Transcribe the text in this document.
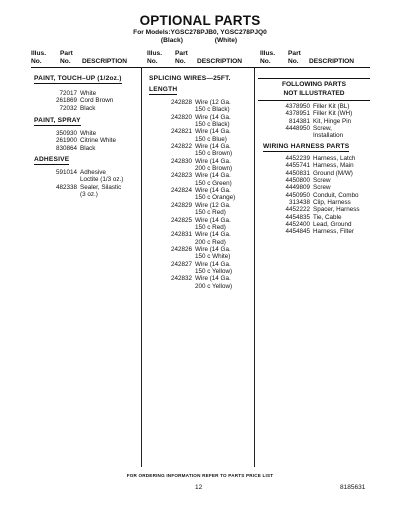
OPTIONAL PARTS
For Models:YGSC278PJB0, YGSC278PJQ0
(Black)	(White)
Illus.
No.
Part
No. DESCRIPTION
Illus.
No.
Part
No. DESCRIPTION
Illus.
No.
Part
No. DESCRIPTION
PAINT, TOUCH–UP (1/2oz.)
72017 White
261869 Cord Brown
72032 Black
PAINT, SPRAY
350930 White
261900 Citrine White
830864 Black
ADHESIVE
591014 Adhesive
Loctite (1/3 oz.)
482338 Sealer, Silastic
(3 oz.)
SPLICING WIRES—25FT.
LENGTH
242828 Wire (12 Ga.
150 c Black)
242820 Wire (14 Ga.
150 c Black)
242821 Wire (14 Ga.
150 c Blue)
242822 Wire (14 Ga.
150 c Brown)
242830 Wire (14 Ga.
200 c Brown)
242823 Wire (14 Ga.
150 c Green)
242824 Wire (14 Ga.
150 c Orange)
242829 Wire (12 Ga.
150 c Red)
242825 Wire (14 Ga.
150 c Red)
242831 Wire (14 Ga.
200 c Red)
242826 Wire (14 Ga.
150 c White)
242827 Wire (14 Ga.
150 c Yellow)
242832 Wire (14 Ga.
200 c Yellow)
FOLLOWING PARTS
NOT ILLUSTRATED
4378950 Filler Kit (BL)
4378951 Filler Kit (WH)
814381 Kit, Hinge Pin
4448950 Screw,
Installation
WIRING HARNESS PARTS
4452239 Harness, Latch
4455741 Harness, Main
4450831 Ground (M/W)
4450800 Screw
4449809 Screw
4450950 Conduit, Combo
313438 Clip, Harness
4452222 Spacer, Harness
4454835 Tie, Cable
4452400 Lead, Ground
4454845 Harness, Filter
FOR ORDERING INFORMATION REFER TO PARTS PRICE LIST
12	8185631
